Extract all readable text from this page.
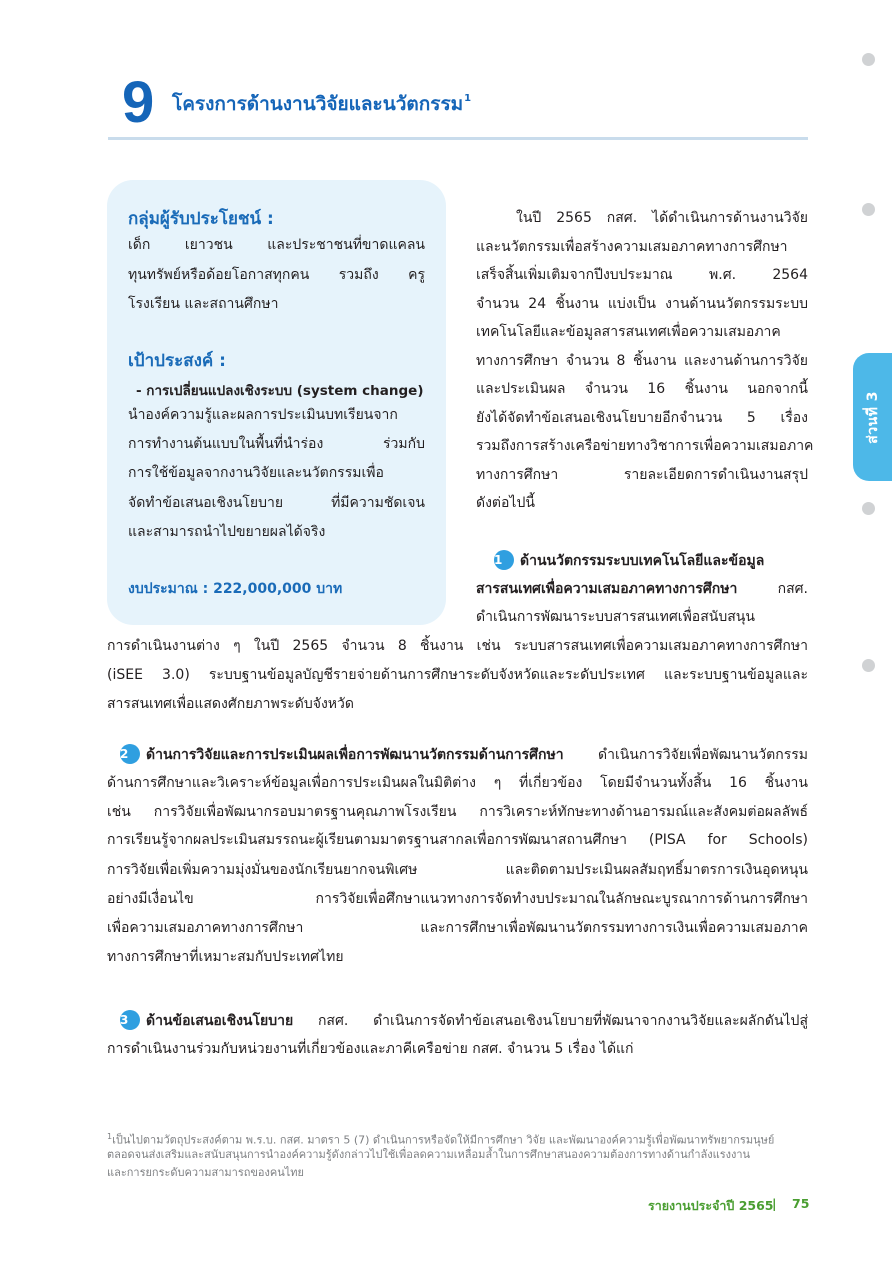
ส่วนที่ 3
9 โครงการด้านงานวิจัยและนวัตกรรม$^1$
กลุ่มผู้รับประโยชน์ :
เด็ก เยาวชน และประชาชนที่ขาดแคลน
ทุนทรัพย์หรือด้อยโอกาสทุกคน รวมถึง ครู
โรงเรียน และสถานศึกษา
เป้าประสงค์ :
- การเปลี่ยนแปลงเชิงระบบ (system change)
นำองค์ความรู้และผลการประเมินบทเรียนจาก
การทำงานต้นแบบในพื้นที่นำร่อง ร่วมกับ
การใช้ข้อมูลจากงานวิจัยและนวัตกรรมเพื่อ
จัดทำข้อเสนอเชิงนโยบาย ที่มีความชัดเจน
และสามารถนำไปขยายผลได้จริง
งบประมาณ : 222,000,000 บาท
ในปี 2565 กสศ. ได้ดำเนินการด้านงานวิจัย
และนวัตกรรมเพื่อสร้างความเสมอภาคทางการศึกษา
เสร็จสิ้นเพิ่มเติมจากปีงบประมาณ พ.ศ. 2564
จำนวน 24 ชิ้นงาน แบ่งเป็น งานด้านนวัตกรรมระบบ
เทคโนโลยีและข้อมูลสารสนเทศเพื่อความเสมอภาค
ทางการศึกษา จำนวน 8 ชิ้นงาน และงานด้านการวิจัย
และประเมินผล จำนวน 16 ชิ้นงาน นอกจากนี้
ยังได้จัดทำข้อเสนอเชิงนโยบายอีกจำนวน 5 เรื่อง
รวมถึงการสร้างเครือข่ายทางวิชาการเพื่อความเสมอภาค
ทางการศึกษา รายละเอียดการดำเนินงานสรุป
ดังต่อไปนี้
1 ด้านนวัตกรรมระบบเทคโนโลยีและข้อมูล
สารสนเทศเพื่อความเสมอภาคทางการศึกษา กสศ.
ดำเนินการพัฒนาระบบสารสนเทศเพื่อสนับสนุน
การดำเนินงานต่าง ๆ ในปี 2565 จำนวน 8 ชิ้นงาน เช่น ระบบสารสนเทศเพื่อความเสมอภาคทางการศึกษา
(iSEE 3.0) ระบบฐานข้อมูลบัญชีรายจ่ายด้านการศึกษาระดับจังหวัดและระดับประเทศ และระบบฐานข้อมูลและ
สารสนเทศเพื่อแสดงศักยภาพระดับจังหวัด
2 ด้านการวิจัยและการประเมินผลเพื่อการพัฒนานวัตกรรมด้านการศึกษา ดำเนินการวิจัยเพื่อพัฒนานวัตกรรม
ด้านการศึกษาและวิเคราะห์ข้อมูลเพื่อการประเมินผลในมิติต่าง ๆ ที่เกี่ยวข้อง โดยมีจำนวนทั้งสิ้น 16 ชิ้นงาน
เช่น การวิจัยเพื่อพัฒนากรอบมาตรฐานคุณภาพโรงเรียน การวิเคราะห์ทักษะทางด้านอารมณ์และสังคมต่อผลลัพธ์
การเรียนรู้จากผลประเมินสมรรถนะผู้เรียนตามมาตรฐานสากลเพื่อการพัฒนาสถานศึกษา (PISA for Schools)
การวิจัยเพื่อเพิ่มความมุ่งมั่นของนักเรียนยากจนพิเศษ และติดตามประเมินผลสัมฤทธิ์มาตรการเงินอุดหนุน
อย่างมีเงื่อนไข การวิจัยเพื่อศึกษาแนวทางการจัดทำงบประมาณในลักษณะบูรณาการด้านการศึกษา
เพื่อความเสมอภาคทางการศึกษา และการศึกษาเพื่อพัฒนานวัตกรรมทางการเงินเพื่อความเสมอภาค
ทางการศึกษาที่เหมาะสมกับประเทศไทย
3 ด้านข้อเสนอเชิงนโยบาย กสศ. ดำเนินการจัดทำข้อเสนอเชิงนโยบายที่พัฒนาจากงานวิจัยและผลักดันไปสู่
การดำเนินงานร่วมกับหน่วยงานที่เกี่ยวข้องและภาคีเครือข่าย กสศ. จำนวน 5 เรื่อง ได้แก่
$^1$เป็นไปตามวัตถุประสงค์ตาม พ.ร.บ. กสศ. มาตรา 5 (7) ดำเนินการหรือจัดให้มีการศึกษา วิจัย และพัฒนาองค์ความรู้เพื่อพัฒนาทรัพยากรมนุษย์
ตลอดจนส่งเสริมและสนับสนุนการนำองค์ความรู้ดังกล่าวไปใช้เพื่อลดความเหลื่อมล้ำในการศึกษาสนองความต้องการทางด้านกำลังแรงงาน
และการยกระดับความสามารถของคนไทย
รายงานประจำปี 2565
| 75
